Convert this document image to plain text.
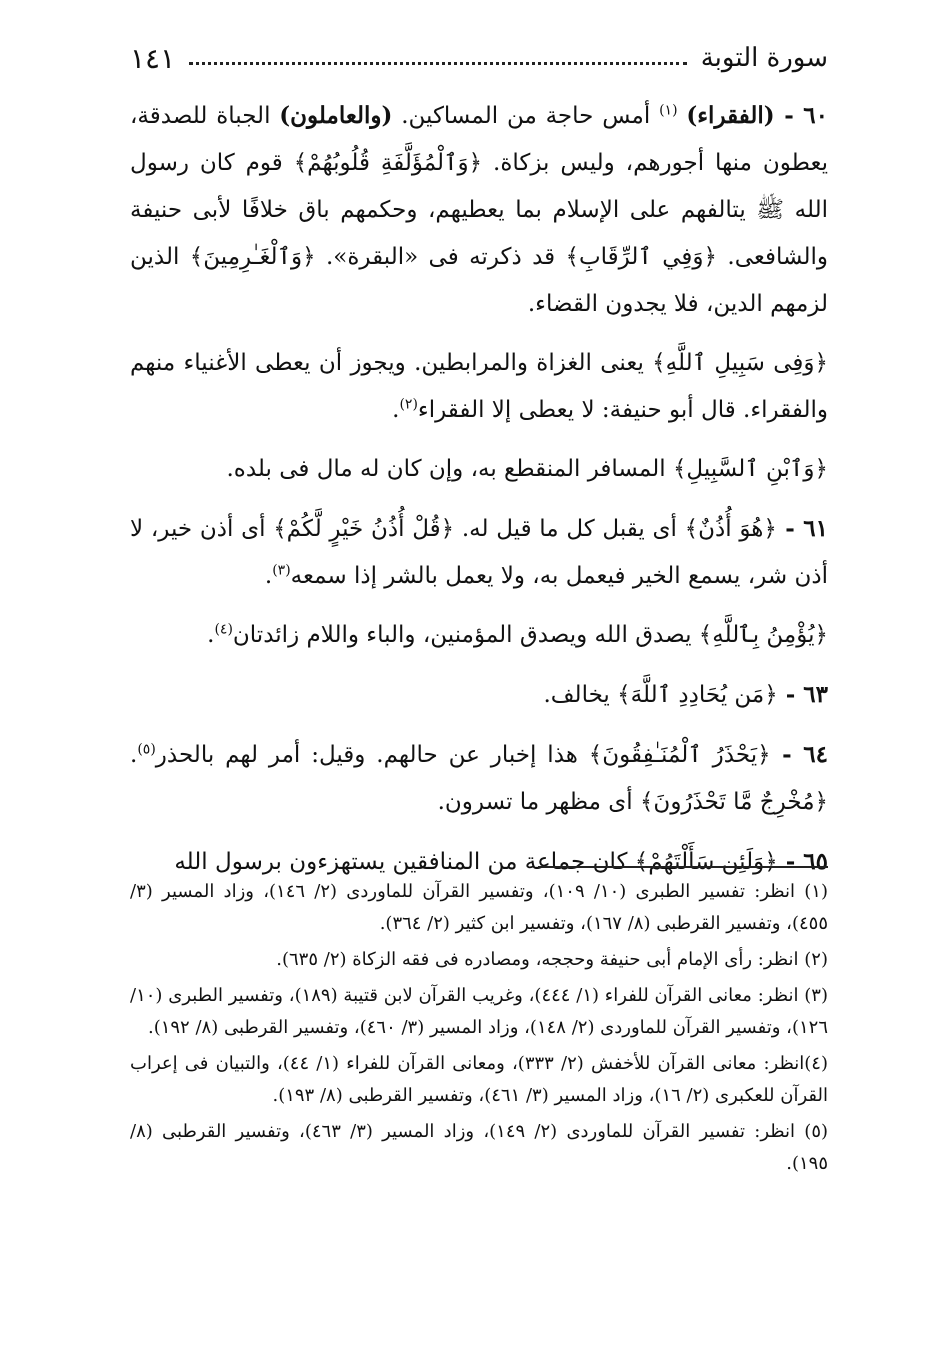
سورة التوبة
١٤١

٦٠ - (الفقراء) $^{(١)}$ أمس حاجة من المساكين. (والعاملون) الجباة للصدقة، يعطون منها أجورهم، وليس بزكاة. ﴿وَٱلْمُؤَلَّفَةِ قُلُوبُهُمْ﴾ قوم كان رسول الله ﷺ يتالفهم على الإسلام بما يعطيهم، وحكمهم باق خلافًا لأبى حنيفة والشافعى. ﴿وَفِي ٱلرِّقَابِ﴾ قد ذكرته فى «البقرة». ﴿وَٱلْغَـٰرِمِينَ﴾ الذين لزمهم الدين، فلا يجدون القضاء.

﴿وَفِى سَبِيلِ ٱللَّهِ﴾ يعنى الغزاة والمرابطين. ويجوز أن يعطى الأغنياء منهم والفقراء. قال أبو حنيفة: لا يعطى إلا الفقراء$^{(٢)}$.

﴿وَٱبْنِ ٱلسَّبِيلِ﴾ المسافر المنقطع به، وإن كان له مال فى بلده.

٦١ - ﴿هُوَ أُذُنٌ﴾ أى يقبل كل ما قيل له. ﴿قُلْ أُذُنُ خَيْرٍ لَّكُمْ﴾ أى أذن خير، لا أذن شر، يسمع الخير فيعمل به، ولا يعمل بالشر إذا سمعه$^{(٣)}$.

﴿يُؤْمِنُ بِٱللَّهِ﴾ يصدق الله ويصدق المؤمنين، والباء واللام زائدتان$^{(٤)}$.

٦٣ - ﴿مَن يُحَادِدِ ٱللَّهَ﴾ يخالف.

٦٤ - ﴿يَحْذَرُ ٱلْمُنَـٰفِقُونَ﴾ هذا إخبار عن حالهم. وقيل: أمر لهم بالحذر$^{(٥)}$. ﴿مُخْرِجٌ مَّا تَحْذَرُونَ﴾ أى مظهر ما تسرون.

٦٥ - ﴿وَلَئِن سَأَلْتَهُمْ﴾ كان جماعة من المنافقين يستهزءون برسول الله

(١) انظر: تفسير الطبرى (١٠/ ١٠٩)، وتفسير القرآن للماوردى (٢/ ١٤٦)، وزاد المسير (٣/ ٤٥٥)، وتفسير القرطبى (٨/ ١٦٧)، وتفسير ابن كثير (٢/ ٣٦٤).

(٢) انظر: رأى الإمام أبى حنيفة وحججه، ومصادره فى فقه الزكاة (٢/ ٦٣٥).

(٣) انظر: معانى القرآن للفراء (١/ ٤٤٤)، وغريب القرآن لابن قتيبة (١٨٩)، وتفسير الطبرى (١٠/ ١٢٦)، وتفسير القرآن للماوردى (٢/ ١٤٨)، وزاد المسير (٣/ ٤٦٠)، وتفسير القرطبى (٨/ ١٩٢).

(٤)انظر: معانى القرآن للأخفش (٢/ ٣٣٣)، ومعانى القرآن للفراء (١/ ٤٤)، والتبيان فى إعراب القرآن للعكبرى (٢/ ١٦)، وزاد المسير (٣/ ٤٦١)، وتفسير القرطبى (٨/ ١٩٣).

(٥) انظر: تفسير القرآن للماوردى (٢/ ١٤٩)، وزاد المسير (٣/ ٤٦٣)، وتفسير القرطبى (٨/ ١٩٥).
